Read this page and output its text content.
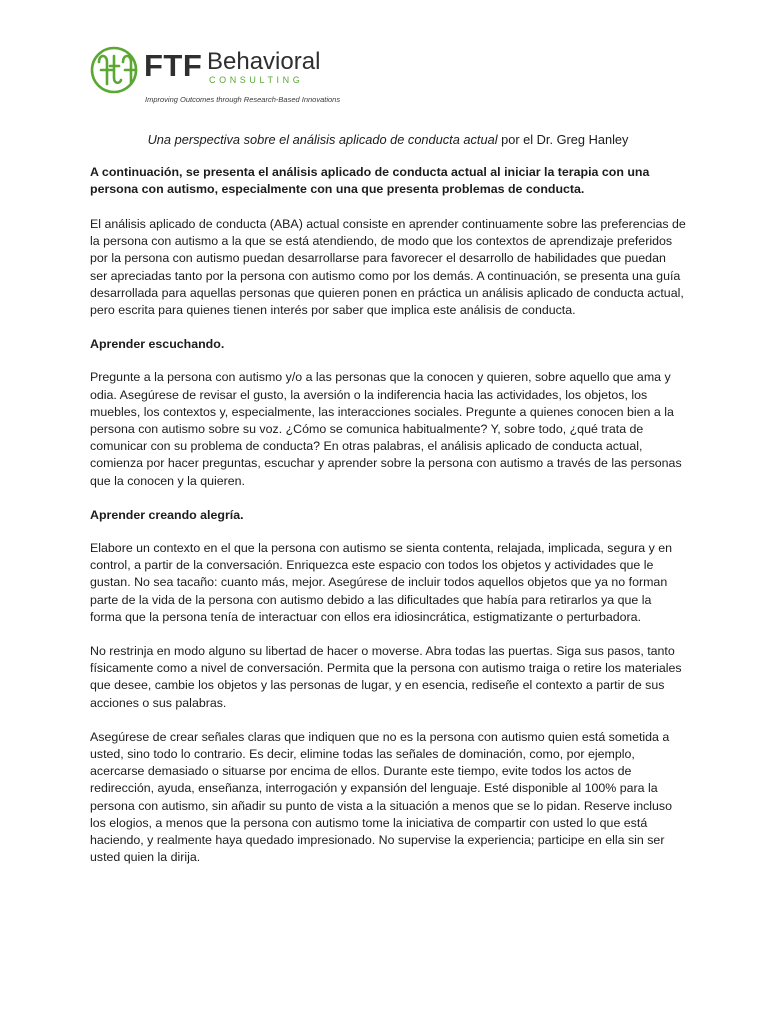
FTF Behavioral
CONSULTING
Improving Outcomes through Research-Based Innovations

Una perspectiva sobre el análisis aplicado de conducta actual por el Dr. Greg Hanley

A continuación, se presenta el análisis aplicado de conducta actual al iniciar la terapia con una persona con autismo, especialmente con una que presenta problemas de conducta.

El análisis aplicado de conducta (ABA) actual consiste en aprender continuamente sobre las preferencias de la persona con autismo a la que se está atendiendo, de modo que los contextos de aprendizaje preferidos por la persona con autismo puedan desarrollarse para favorecer el desarrollo de habilidades que puedan ser apreciadas tanto por la persona con autismo como por los demás. A continuación, se presenta una guía desarrollada para aquellas personas que quieren ponen en práctica un análisis aplicado de conducta actual, pero escrita para quienes tienen interés por saber que implica este análisis de conducta.

Aprender escuchando.

Pregunte a la persona con autismo y/o a las personas que la conocen y quieren, sobre aquello que ama y odia. Asegúrese de revisar el gusto, la aversión o la indiferencia hacia las actividades, los objetos, los muebles, los contextos y, especialmente, las interacciones sociales. Pregunte a quienes conocen bien a la persona con autismo sobre su voz. ¿Cómo se comunica habitualmente? Y, sobre todo, ¿qué trata de comunicar con su problema de conducta? En otras palabras, el análisis aplicado de conducta actual, comienza por hacer preguntas, escuchar y aprender sobre la persona con autismo a través de las personas que la conocen y la quieren.

Aprender creando alegría.

Elabore un contexto en el que la persona con autismo se sienta contenta, relajada, implicada, segura y en control, a partir de la conversación. Enriquezca este espacio con todos los objetos y actividades que le gustan. No sea tacaño: cuanto más, mejor. Asegúrese de incluir todos aquellos objetos que ya no forman parte de la vida de la persona con autismo debido a las dificultades que había para retirarlos ya que la forma que la persona tenía de interactuar con ellos era idiosincrática, estigmatizante o perturbadora.

No restrinja en modo alguno su libertad de hacer o moverse. Abra todas las puertas. Siga sus pasos, tanto físicamente como a nivel de conversación. Permita que la persona con autismo traiga o retire los materiales que desee, cambie los objetos y las personas de lugar, y en esencia, rediseñe el contexto a partir de sus acciones o sus palabras.

Asegúrese de crear señales claras que indiquen que no es la persona con autismo quien está sometida a usted, sino todo lo contrario. Es decir, elimine todas las señales de dominación, como, por ejemplo, acercarse demasiado o situarse por encima de ellos. Durante este tiempo, evite todos los actos de redirección, ayuda, enseñanza, interrogación y expansión del lenguaje. Esté disponible al 100% para la persona con autismo, sin añadir su punto de vista a la situación a menos que se lo pidan. Reserve incluso los elogios, a menos que la persona con autismo tome la iniciativa de compartir con usted lo que está haciendo, y realmente haya quedado impresionado. No supervise la experiencia; participe en ella sin ser usted quien la dirija.
